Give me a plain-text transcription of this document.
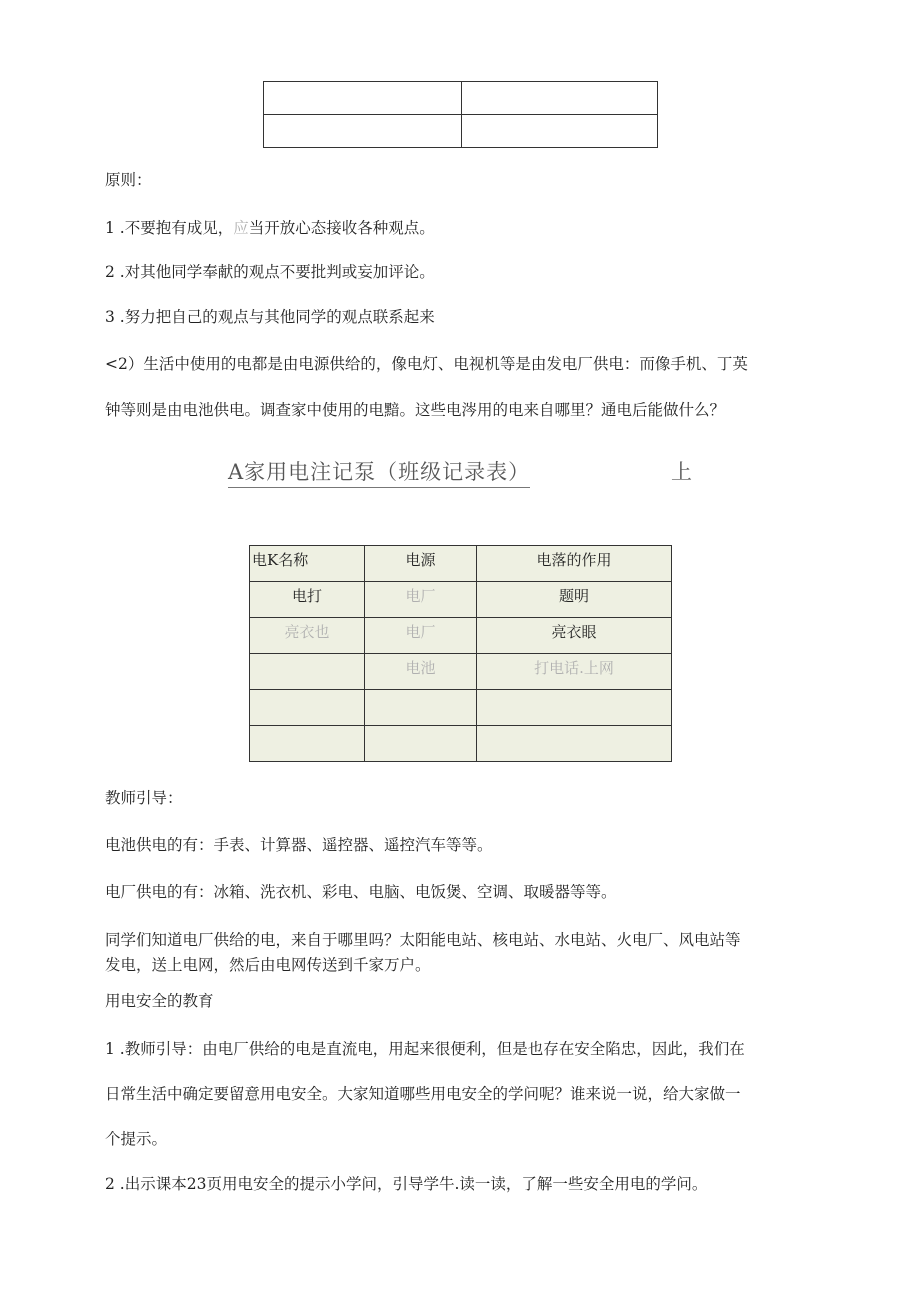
原则：
1 .不要抱有成见，应当开放心态接收各种观点。
2 .对其他同学奉献的观点不要批判或妄加评论。
3 .努力把自己的观点与其他同学的观点联系起来
<2）生活中使用的电都是由电源供给的，像电灯、电视机等是由发电厂供电：而像手机、丁英
钟等则是由电池供电。调查家中使用的电黯。这些电涔用的电来自哪里？通电后能做什么？
A家用电注记泵（班级记录表）	上
电K名称	电源	电落的作用
电打	电厂	题明
亮衣也	电厂	亮衣眼
	电池	打电话.上网

教师引导：
电池供电的有：手表、计算器、遥控器、遥控汽车等等。
电厂供电的有：冰箱、洗衣机、彩电、电脑、电饭煲、空调、取暖器等等。
同学们知道电厂供给的电，来自于哪里吗？太阳能电站、核电站、水电站、火电厂、风电站等
发电，送上电网，然后由电网传送到千家万户。
用电安全的教育
1 .教师引导：由电厂供给的电是直流电，用起来很便利，但是也存在安全陷忠，因此，我们在
日常生活中确定要留意用电安全。大家知道哪些用电安全的学问呢？谁来说一说，给大家做一
个提示。
2 .出示课本23页用电安全的提示小学问，引导学牛.读一读，了解一些安全用电的学问。
